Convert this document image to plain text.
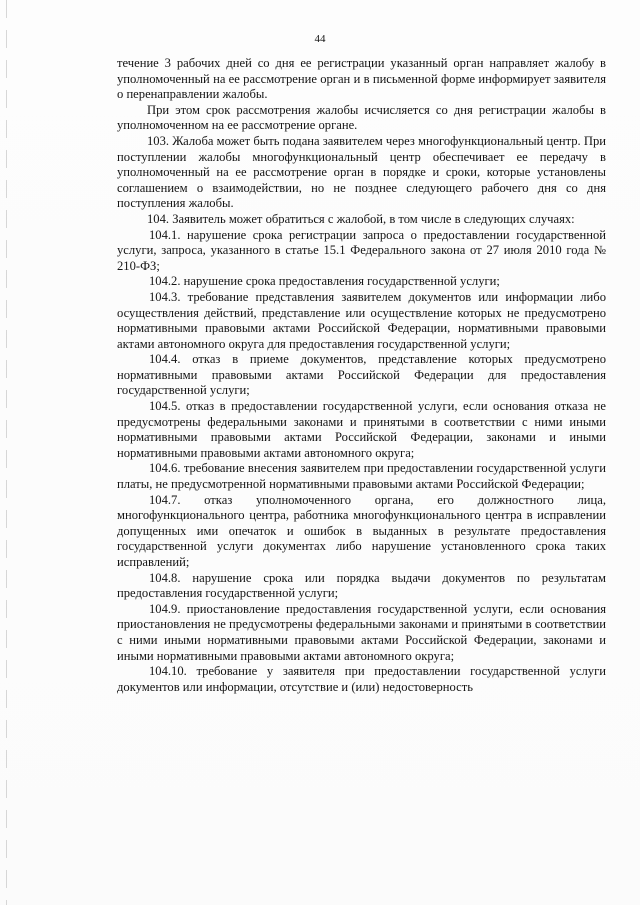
44

течение 3 рабочих дней со дня ее регистрации указанный орган направляет жалобу в уполномоченный на ее рассмотрение орган и в письменной форме информирует заявителя о перенаправлении жалобы.

При этом срок рассмотрения жалобы исчисляется со дня регистрации жалобы в уполномоченном на ее рассмотрение органе.

103. Жалоба может быть подана заявителем через многофункциональный центр. При поступлении жалобы многофункциональный центр обеспечивает ее передачу в уполномоченный на ее рассмотрение орган в порядке и сроки, которые установлены соглашением о взаимодействии, но не позднее следующего рабочего дня со дня поступления жалобы.

104. Заявитель может обратиться с жалобой, в том числе в следующих случаях:

104.1. нарушение срока регистрации запроса о предоставлении государственной услуги, запроса, указанного в статье 15.1 Федерального закона от 27 июля 2010 года № 210-ФЗ;

104.2. нарушение срока предоставления государственной услуги;

104.3. требование представления заявителем документов или информации либо осуществления действий, представление или осуществление которых не предусмотрено нормативными правовыми актами Российской Федерации, нормативными правовыми актами автономного округа для предоставления государственной услуги;

104.4. отказ в приеме документов, представление которых предусмотрено нормативными правовыми актами Российской Федерации для предоставления государственной услуги;

104.5. отказ в предоставлении государственной услуги, если основания отказа не предусмотрены федеральными законами и принятыми в соответствии с ними иными нормативными правовыми актами Российской Федерации, законами и иными нормативными правовыми актами автономного округа;

104.6. требование внесения заявителем при предоставлении государственной услуги платы, не предусмотренной нормативными правовыми актами Российской Федерации;

104.7. отказ уполномоченного органа, его должностного лица, многофункционального центра, работника многофункционального центра в исправлении допущенных ими опечаток и ошибок в выданных в результате предоставления государственной услуги документах либо нарушение установленного срока таких исправлений;

104.8. нарушение срока или порядка выдачи документов по результатам предоставления государственной услуги;

104.9. приостановление предоставления государственной услуги, если основания приостановления не предусмотрены федеральными законами и принятыми в соответствии с ними иными нормативными правовыми актами Российской Федерации, законами и иными нормативными правовыми актами автономного округа;

104.10. требование у заявителя при предоставлении государственной услуги документов или информации, отсутствие и (или) недостоверность
